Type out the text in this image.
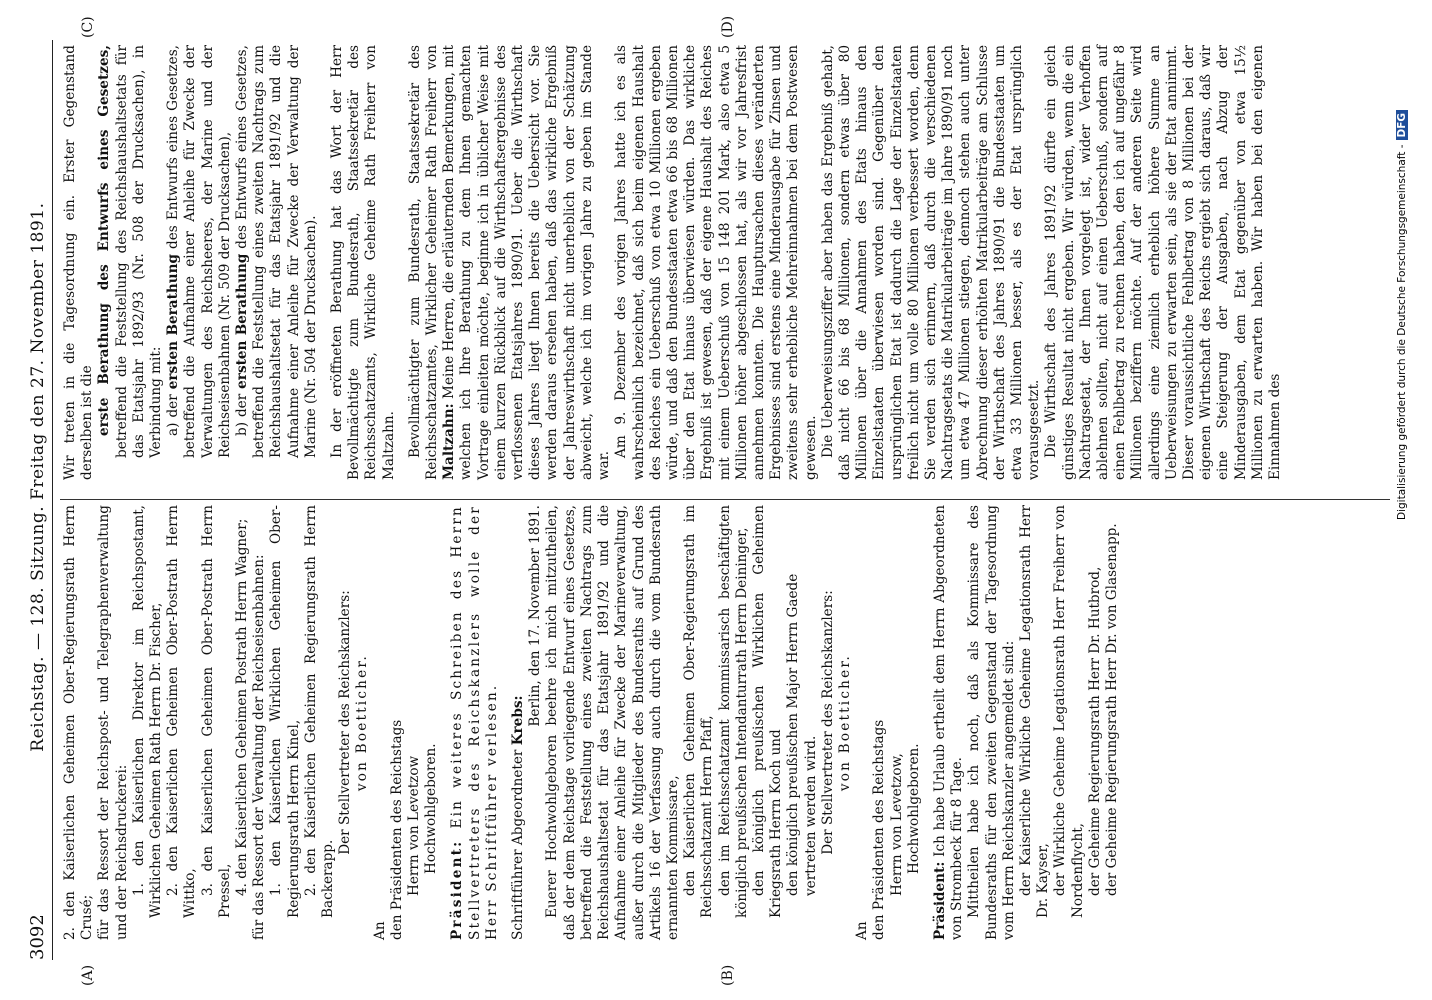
3092
Reichstag. — 128. Sitzung. Freitag den 27. November 1891.
(A)	(B)
(C)	(D)

2. den Kaiserlichen Geheimen Ober-Regierungsrath Herrn Crusé; für das Ressort der Reichspost- und Telegraphenverwaltung und der Reichsdruckerei: 1. den Kaiserlichen Direktor im Reichspostamt, Wirklichen Geheimen Rath Herrn Dr. Fischer, 2. den Kaiserlichen Geheimen Ober-Postrath Herrn Wittko, 3. den Kaiserlichen Geheimen Ober-Postrath Herrn Pressel, 4. den Kaiserlichen Geheimen Postrath Herrn Wagner; für das Ressort der Verwaltung der Reichseisenbahnen: 1. den Kaiserlichen Wirklichen Geheimen Ober-Regierungsrath Herrn Kinel, 2. den Kaiserlichen Geheimen Regierungsrath Herrn Backerapp.

Der Stellvertreter des Reichskanzlers: von Boetticher.

An den Präsidenten des Reichstags Herrn von Levetzow Hochwohlgeboren.

Präsident: Ein weiteres Schreiben des Herrn Stellvertreters des Reichskanzlers wolle der Herr Schriftführer verlesen. Schriftführer Abgeordneter Krebs: Berlin, den 17. November 1891. Euerer Hochwohlgeboren beehre ich mich mitzutheilen, daß der dem Reichstage vorliegende Entwurf eines Gesetzes, betreffend die Feststellung eines zweiten Nachtrags zum Reichshaushaltsetat für das Etatsjahr 1891/92 und die Aufnahme einer Anleihe für Zwecke der Marineverwaltung, außer durch die Mitglieder des Bundesraths auf Grund des Artikels 16 der Verfassung auch durch die vom Bundesrath ernannten Kommissare, den Kaiserlichen Geheimen Ober-Regierungsrath im Reichsschatzamt Herrn Pfaff, den im Reichsschatzamt kommissarisch beschäftigten königlich preußischen Intendanturrath Herrn Deininger, den königlich preußischen Wirklichen Geheimen Kriegsrath Herrn Koch und den königlich preußischen Major Herrn Gaede vertreten werden wird. Der Stellvertreter des Reichskanzlers: von Boetticher.

An den Präsidenten des Reichstags Herrn von Levetzow, Hochwohlgeboren.

Präsident: Ich habe Urlaub ertheilt dem Herrn Abgeordneten von Strombeck für 8 Tage. Mittheilen habe ich noch, daß als Kommissare des Bundesraths für den zweiten Gegenstand der Tagesordnung vom Herrn Reichskanzler angemeldet sind: der Kaiserliche Wirkliche Geheime Legationsrath Herr Dr. Kayser, der Wirkliche Geheime Legationsrath Herr Freiherr von Nordenflycht, der Geheime Regierungsrath Herr Dr. Hutbrod, der Geheime Regierungsrath Herr Dr. von Glasenapp.

Wir treten in die Tagesordnung ein. Erster Gegenstand derselben ist die erste Berathung des Entwurfs eines Gesetzes, betreffend die Feststellung des Reichshaushaltsetats für das Etatsjahr 1892/93 (Nr. 508 der Drucksachen), in Verbindung mit: a) der ersten Berathung des Entwurfs eines Gesetzes, betreffend die Aufnahme einer Anleihe für Zwecke der Verwaltungen des Reichsheeres, der Marine und der Reichseisenbahnen (Nr. 509 der Drucksachen), b) der ersten Berathung des Entwurfs eines Gesetzes, betreffend die Feststellung eines zweiten Nachtrags zum Reichshaushaltsetat für das Etatsjahr 1891/92 und die Aufnahme einer Anleihe für Zwecke der Verwaltung der Marine (Nr. 504 der Drucksachen). In der eröffneten Berathung hat das Wort der Herr Bevollmächtigte zum Bundesrath, Staatssekretär des Reichsschatzamts, Wirkliche Geheime Rath Freiherr von Maltzahn. Bevollmächtigter zum Bundesrath, Staatssekretär des Reichsschatzamtes, Wirklicher Geheimer Rath Freiherr von Maltzahn: Meine Herren, die erläuternden Bemerkungen, mit welchen ich Ihre Berathung zu dem Ihnen gemachten Vortrage einleiten möchte, beginne ich in üblicher Weise mit einem kurzen Rückblick auf die Wirthschaftsergebnisse des verflossenen Etatsjahres 1890/91. Ueber die Wirthschaft dieses Jahres liegt Ihnen bereits die Uebersicht vor. Sie werden daraus ersehen haben, daß das wirkliche Ergebniß der Jahreswirthschaft nicht unerheblich von der Schätzung abweicht, welche ich im vorigen Jahre zu geben im Stande war.

Am 9. Dezember des vorigen Jahres hatte ich es als wahrscheinlich bezeichnet, daß sich beim eigenen Haushalt des Reiches ein Ueberschuß von etwa 10 Millionen ergeben würde, und daß den Bundesstaaten etwa 66 bis 68 Millionen über den Etat hinaus überwiesen würden. Das wirkliche Ergebniß ist gewesen, daß der eigene Haushalt des Reiches mit einem Ueberschuß von 15 148 201 Mark, also etwa 5 Millionen höher abgeschlossen hat, als wir vor Jahresfrist annehmen konnten. Die Hauptursachen dieses veränderten Ergebnisses sind erstens eine Minderausgabe für Zinsen und zweitens sehr erhebliche Mehreinnahmen bei dem Postwesen gewesen. Die Ueberweisungsziffer aber haben das Ergebniß gehabt, daß nicht 66 bis 68 Millionen, sondern etwas über 80 Millionen über die Annahmen des Etats hinaus den Einzelstaaten überwiesen worden sind. Gegenüber den ursprünglichen Etat ist dadurch die Lage der Einzelstaaten freilich nicht um volle 80 Millionen verbessert worden, denn Sie verden sich erinnern, daß durch die verschiedenen Nachtragsetats die Matrikularbeiträge im Jahre 1890/91 noch um etwa 47 Millionen stiegen, dennoch stehen auch unter Abrechnung dieser erhöhten Matrikularbeiträge am Schlusse der Wirthschaft des Jahres 1890/91 die Bundesstaaten um etwa 33 Millionen besser, als es der Etat ursprünglich vorausgesetzt. Die Wirthschaft des Jahres 1891/92 dürfte ein gleich günstiges Resultat nicht ergeben. Wir würden, wenn die ein Nachtragsetat, der Ihnen vorgelegt ist, wider Verhoffen ablehnen sollten, nicht auf einen Ueberschuß, sondern auf einen Fehlbetrag zu rechnen haben, den ich auf ungefähr 8 Millionen beziffern möchte. Auf der anderen Seite wird allerdings eine ziemlich erheblich höhere Summe an Ueberweisungen zu erwarten sein, als sie der Etat annimmt. Dieser voraussichtliche Fehlbetrag von 8 Millionen bei der eigenen Wirthschaft des Reichs ergiebt sich daraus, daß wir eine Steigerung der Ausgaben, nach Abzug der Minderausgaben, dem Etat gegenüber von etwa 15½ Millionen zu erwarten haben. Wir haben bei den eigenen Einnahmen des	Digitalisierung gefördert durch die Deutsche Forschungsgemeinschaft -DFG
